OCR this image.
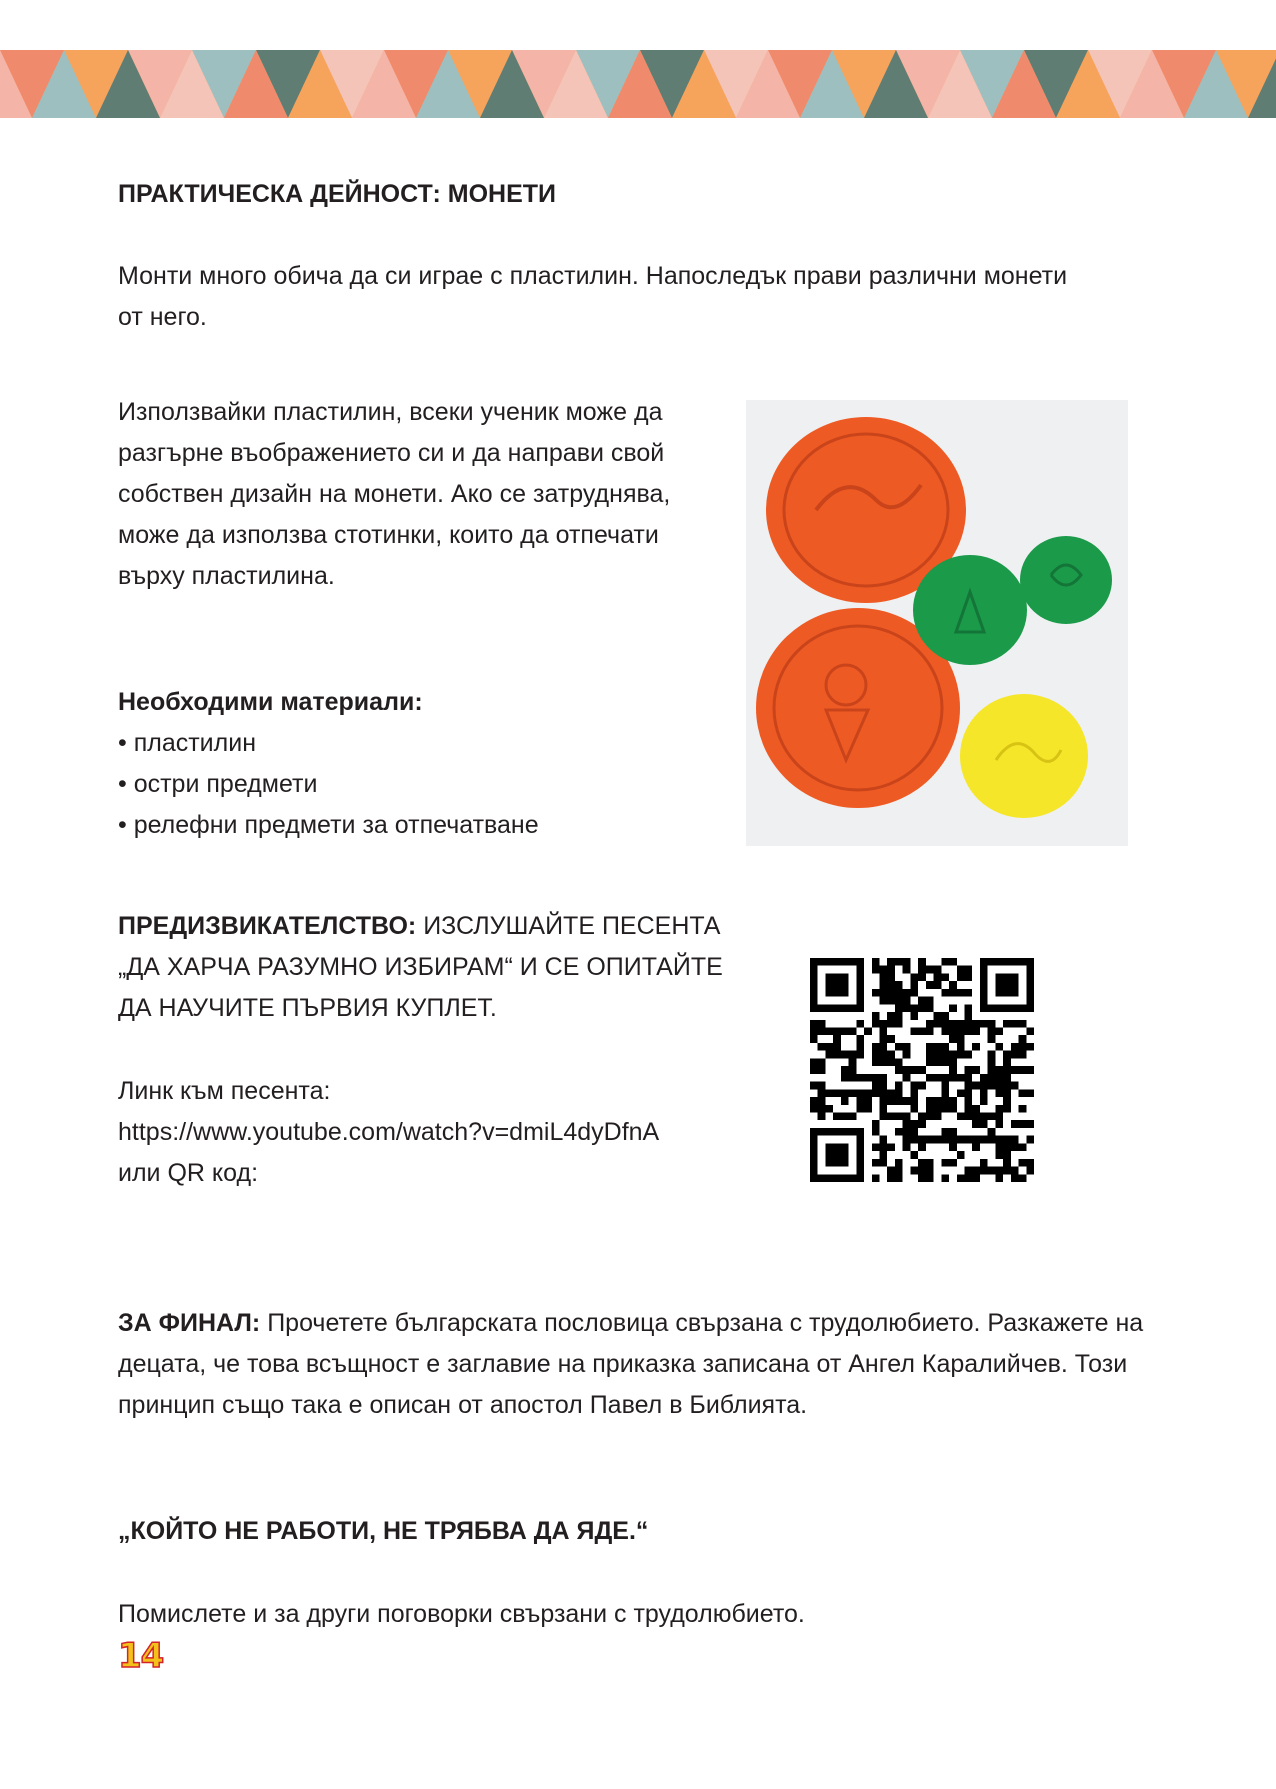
ПРАКТИЧЕСКА ДЕЙНОСТ: МОНЕТИ

Монти много обича да си играе с пластилин. Напоследък прави различни монети от него.

Използвайки пластилин, всеки ученик може да разгърне въображението си и да направи свой собствен дизайн на монети. Ако се затруднява, може да използва стотинки, които да отпечати върху пластилина.

Необходими материали:
• пластилин
• остри предмети
• релефни предмети за отпечатване

ПРЕДИЗВИКАТЕЛСТВО: ИЗСЛУШАЙТЕ ПЕСЕНТА „ДА ХАРЧА РАЗУМНО ИЗБИРАМ“ И СЕ ОПИТАЙТЕ ДА НАУЧИТЕ ПЪРВИЯ КУПЛЕТ.

Линк към песента:
https://www.youtube.com/watch?v=dmiL4dyDfnA
или QR код:

ЗА ФИНАЛ: Прочетете българската пословица свързана с трудолюбието. Разкажете на децата, че това всъщност е заглавие на приказка записана от Ангел Каралийчев. Този принцип също така е описан от апостол Павел в Библията.

„КОЙТО НЕ РАБОТИ, НЕ ТРЯБВА ДА ЯДЕ.“

Помислете и за други поговорки свързани с трудолюбието.

14
